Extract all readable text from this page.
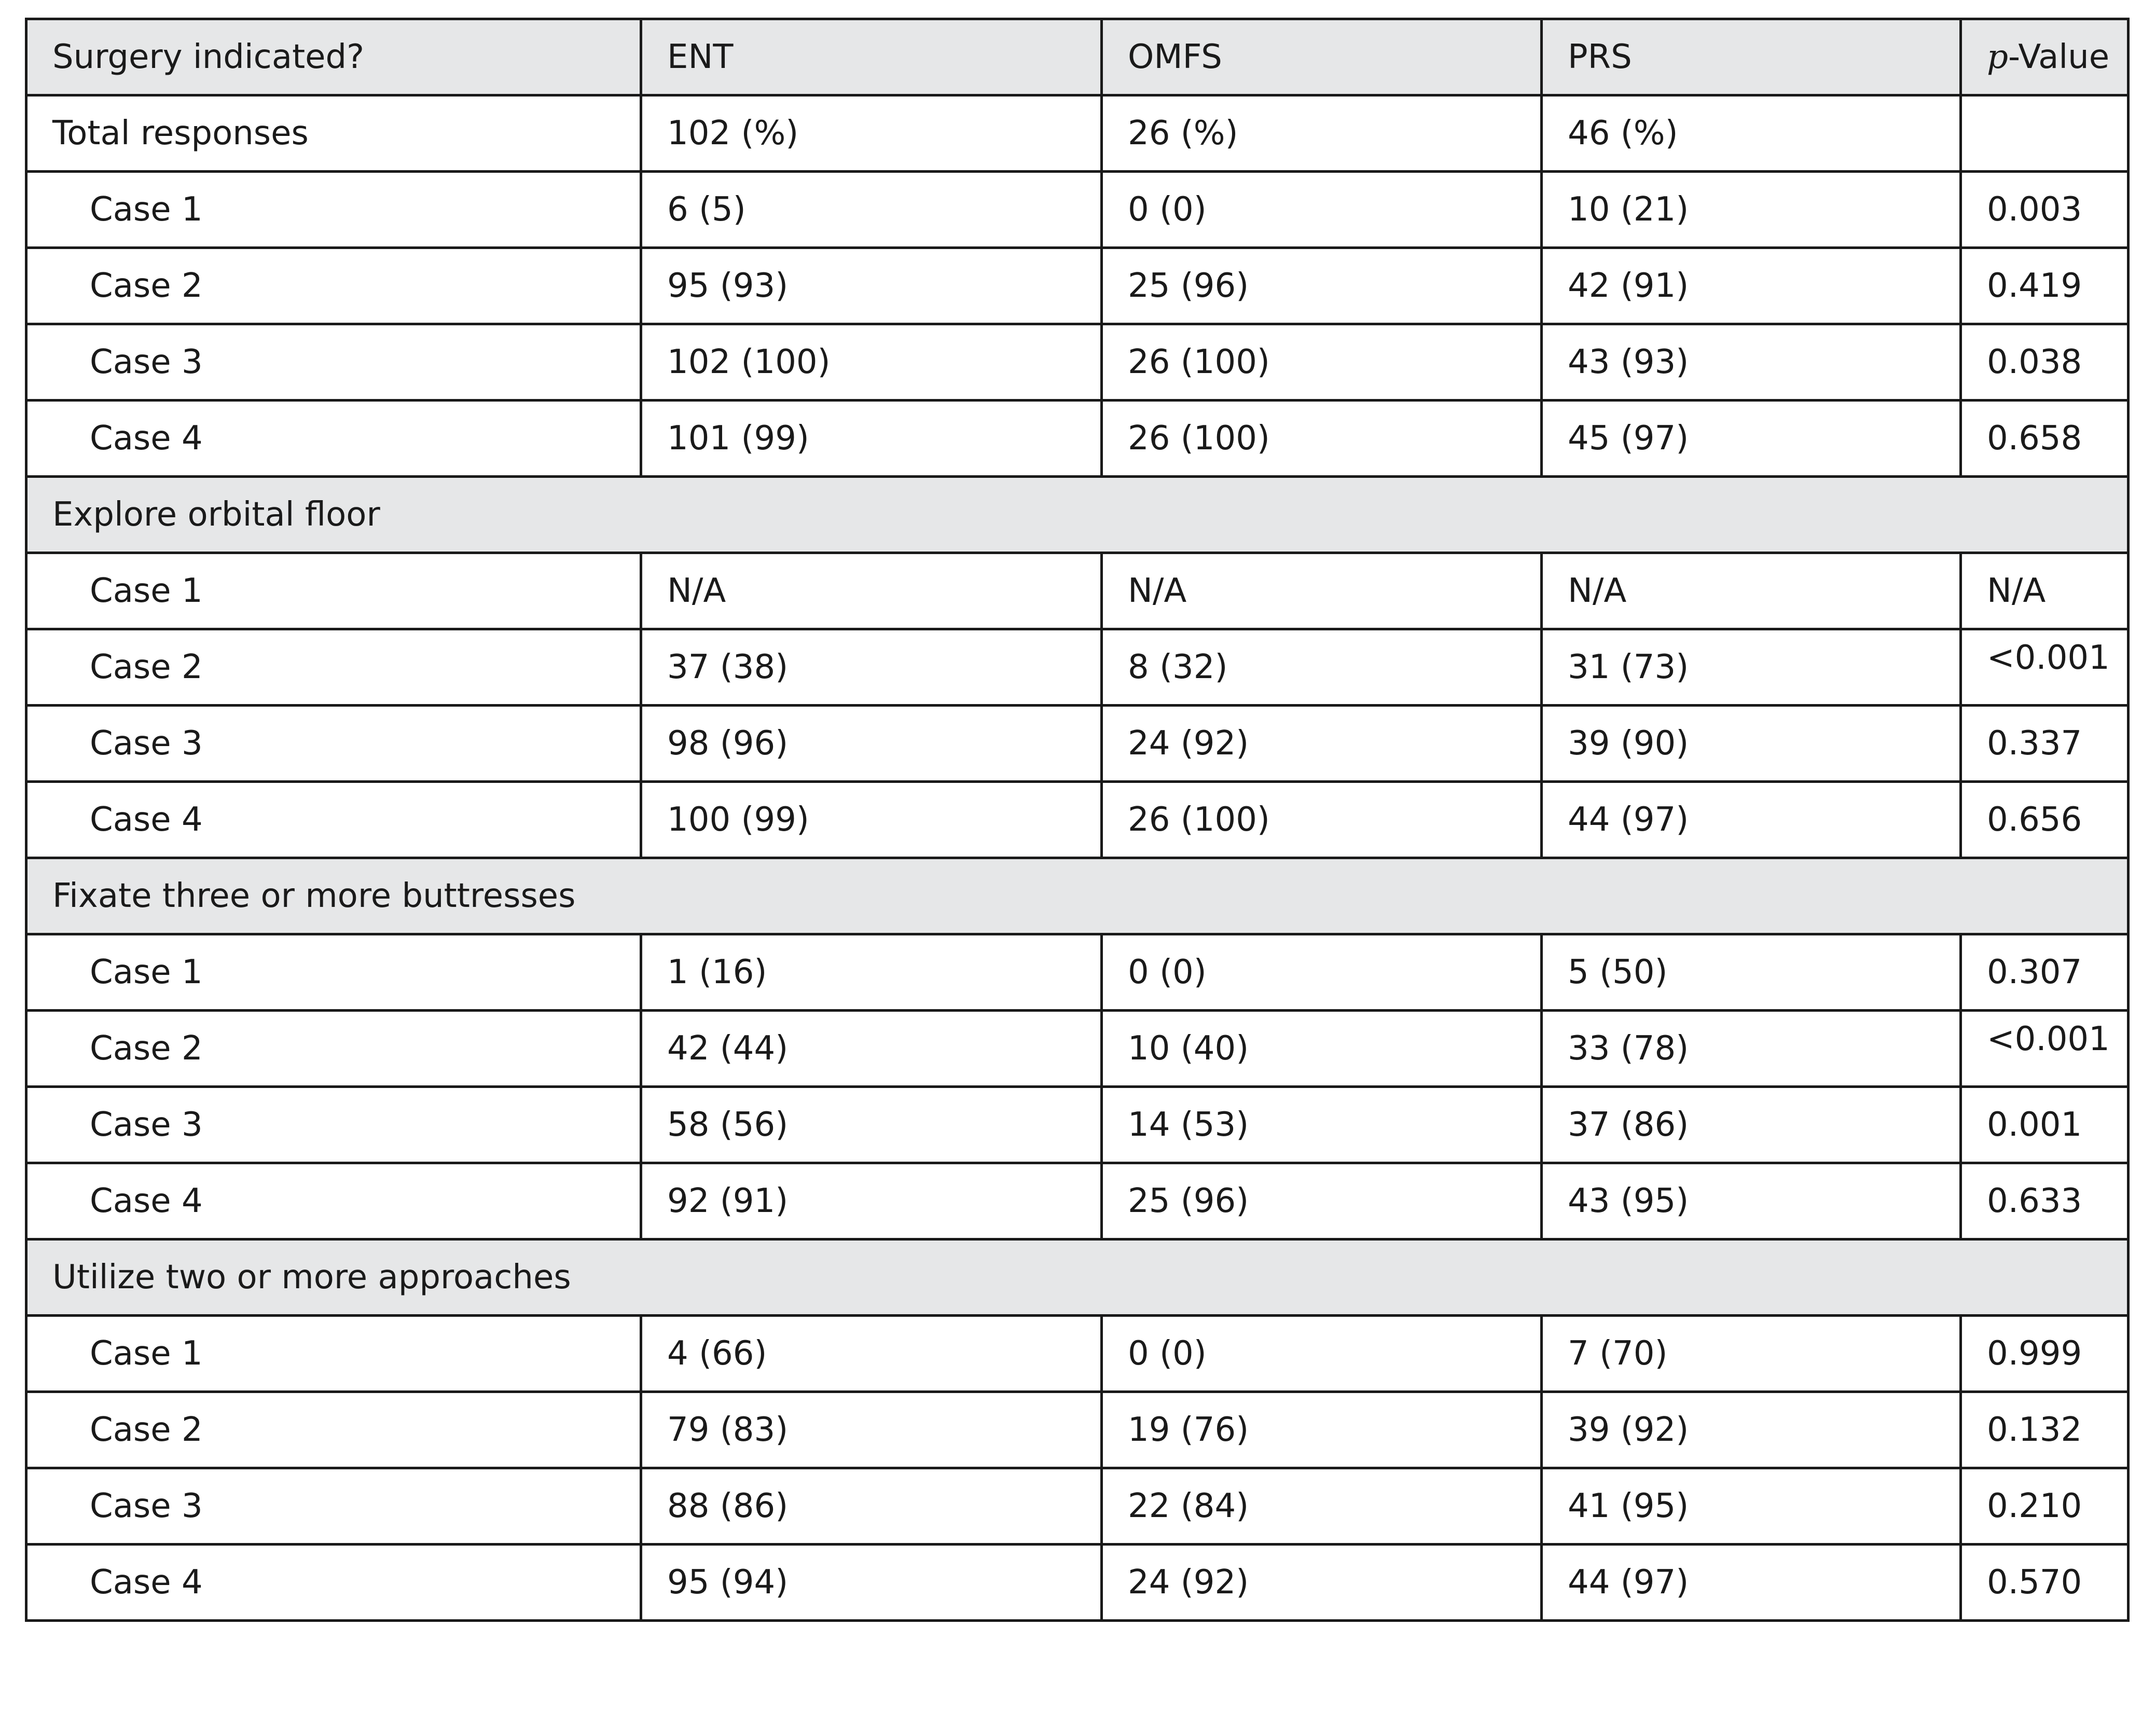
Surgery indicated?	ENT	OMFS	PRS	p-Value
Total responses	102 (%)	26 (%)	46 (%)	
Case 1	6 (5)	0 (0)	10 (21)	0.003
Case 2	95 (93)	25 (96)	42 (91)	0.419
Case 3	102 (100)	26 (100)	43 (93)	0.038
Case 4	101 (99)	26 (100)	45 (97)	0.658
Explore orbital floor				
Case 1	N/A	N/A	N/A	N/A
Case 2	37 (38)	8 (32)	31 (73)	<0.001
Case 3	98 (96)	24 (92)	39 (90)	0.337
Case 4	100 (99)	26 (100)	44 (97)	0.656
Fixate three or more buttresses				
Case 1	1 (16)	0 (0)	5 (50)	0.307
Case 2	42 (44)	10 (40)	33 (78)	<0.001
Case 3	58 (56)	14 (53)	37 (86)	0.001
Case 4	92 (91)	25 (96)	43 (95)	0.633
Utilize two or more approaches				
Case 1	4 (66)	0 (0)	7 (70)	0.999
Case 2	79 (83)	19 (76)	39 (92)	0.132
Case 3	88 (86)	22 (84)	41 (95)	0.210
Case 4	95 (94)	24 (92)	44 (97)	0.570
